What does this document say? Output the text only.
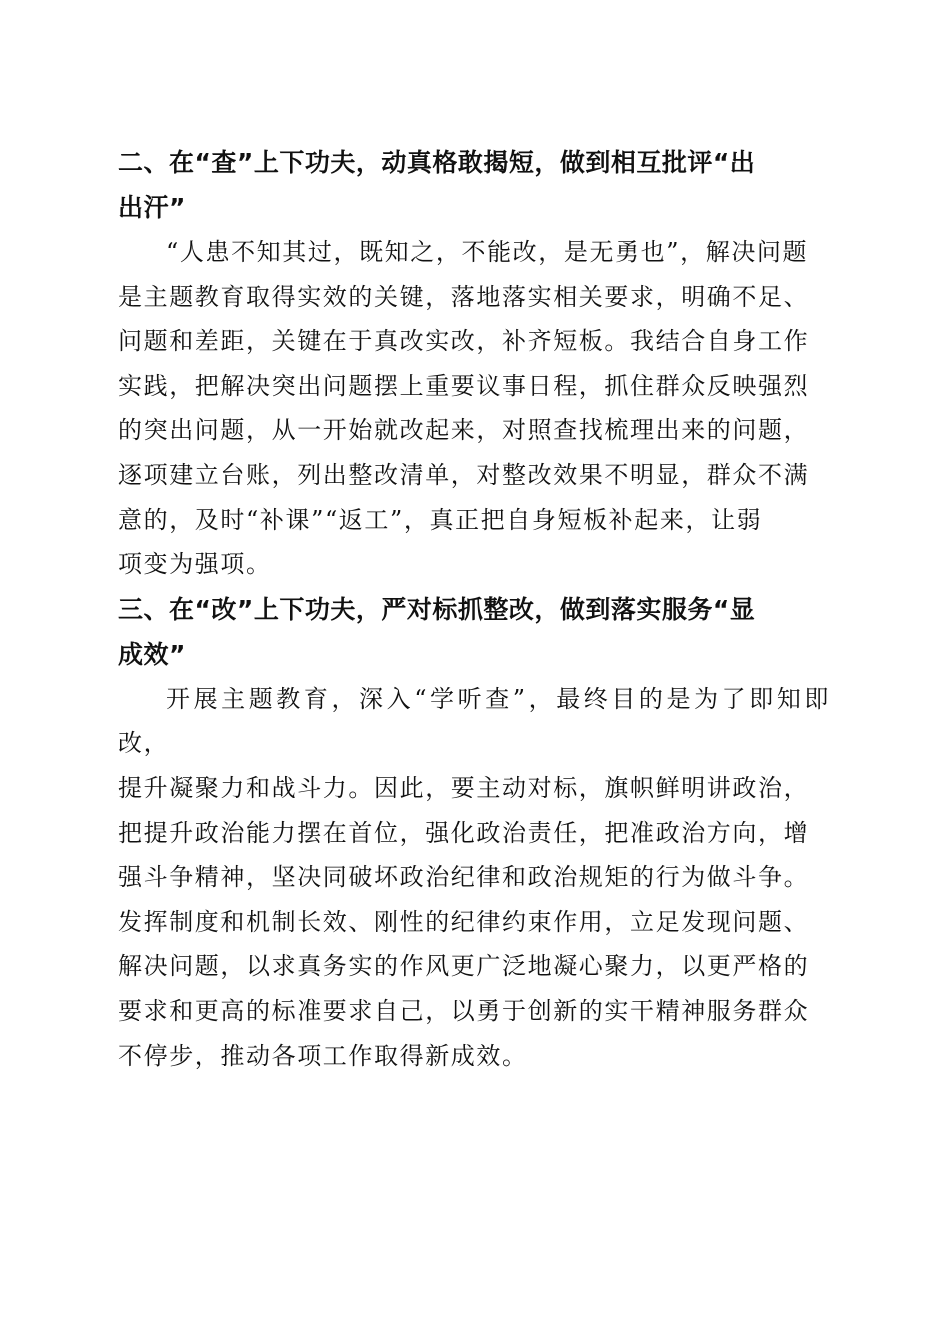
二、在“查”上下功夫，动真格敢揭短，做到相互批评“出
出汗”

“人患不知其过，既知之，不能改，是无勇也”，解决问题
是主题教育取得实效的关键，落地落实相关要求，明确不足、
问题和差距，关键在于真改实改，补齐短板。我结合自身工作
实践，把解决突出问题摆上重要议事日程，抓住群众反映强烈
的突出问题，从一开始就改起来，对照查找梳理出来的问题，
逐项建立台账，列出整改清单，对整改效果不明显，群众不满
意的，及时“补课”“返工”，真正把自身短板补起来，让弱
项变为强项。

三、在“改”上下功夫，严对标抓整改，做到落实服务“显
成效”

开展主题教育，深入“学听查”，最终目的是为了即知即改，
提升凝聚力和战斗力。因此，要主动对标，旗帜鲜明讲政治，
把提升政治能力摆在首位，强化政治责任，把准政治方向，增
强斗争精神，坚决同破坏政治纪律和政治规矩的行为做斗争。
发挥制度和机制长效、刚性的纪律约束作用，立足发现问题、
解决问题，以求真务实的作风更广泛地凝心聚力，以更严格的
要求和更高的标准要求自己，以勇于创新的实干精神服务群众
不停步，推动各项工作取得新成效。
